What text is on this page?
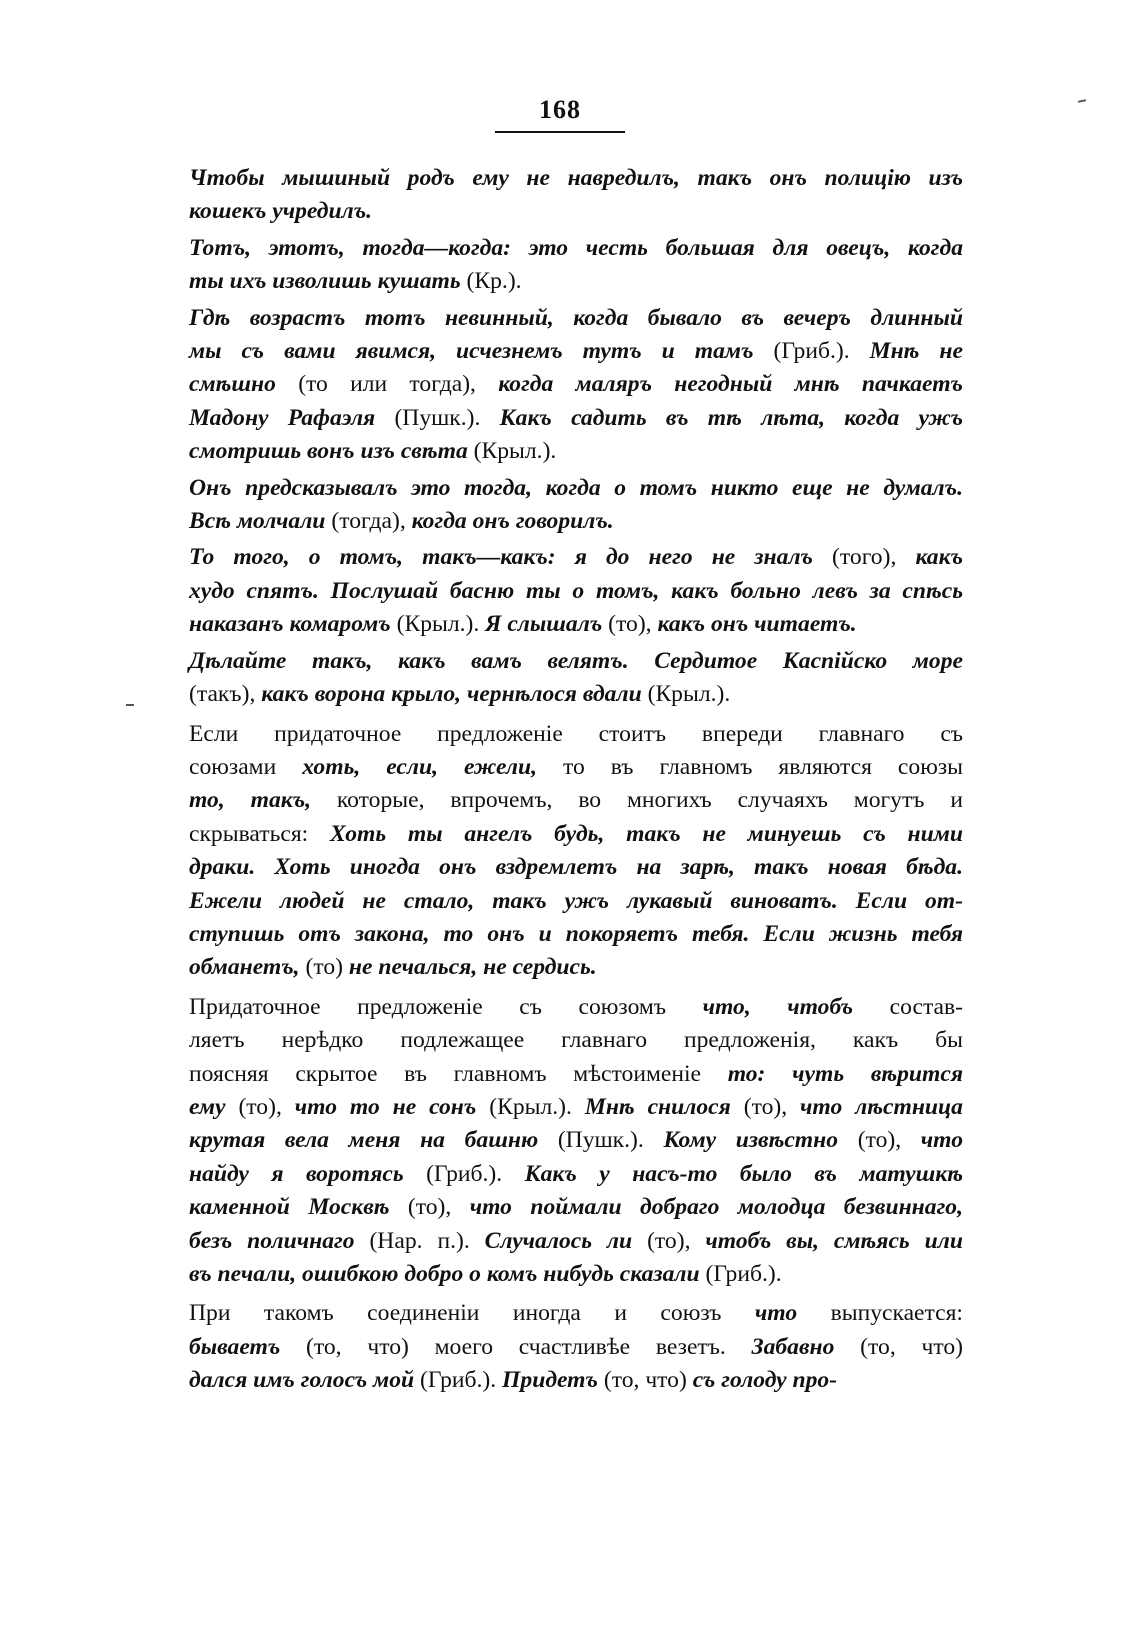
168

Чтобы мышиный родъ ему не навредилъ, такъ онъ полицію изъ
кошекъ учредилъ.

Тотъ, этотъ, тогда—когда: это честь большая для овецъ, когда
ты ихъ изволишь кушать (Кр.).

Гдѣ возрастъ тотъ невинный, когда бывало въ вечеръ длинный
мы съ вами явимся, исчезнемъ тутъ и тамъ (Гриб.). Мнѣ не
смѣшно (то или тогда), когда маляръ негодный мнѣ пачкаетъ
Мадону Рафаэля (Пушк.). Какъ садить въ тѣ лѣта, когда ужъ
смотришь вонъ изъ свѣта (Крыл.).

Онъ предсказывалъ это тогда, когда о томъ никто еще не думалъ.
Всѣ молчали (тогда), когда онъ говорилъ.

То того, о томъ, такъ—какъ: я до него не зналъ (того), какъ
худо спятъ. Послушай басню ты о томъ, какъ больно левъ за спѣсь
наказанъ комаромъ (Крыл.). Я слышалъ (то), какъ онъ читаетъ.

Дѣлайте такъ, какъ вамъ велятъ. Сердитое Каспійско море
(такъ), какъ ворона крыло, чернѣлося вдали (Крыл.).

Если придаточное предложеніе стоитъ впереди главнаго съ
союзами хоть, если, ежели, то въ главномъ являются союзы
то, такъ, которые, впрочемъ, во многихъ случаяхъ могутъ и
скрываться: Хоть ты ангелъ будь, такъ не минуешь съ ними
драки. Хоть иногда онъ вздремлетъ на зарѣ, такъ новая бѣда.
Ежели людей не стало, такъ ужъ лукавый виноватъ. Если от-
ступишь отъ закона, то онъ и покоряетъ тебя. Если жизнь тебя
обманетъ, (то) не печалься, не сердись.

Придаточное предложеніе съ союзомъ что, чтобъ состав-
ляетъ нерѣдко подлежащее главнаго предложенія, какъ бы
поясняя скрытое въ главномъ мѣстоименіе то: чуть вѣрится
ему (то), что то не сонъ (Крыл.). Мнѣ снилося (то), что лѣстница
крутая вела меня на башню (Пушк.). Кому извѣстно (то), что
найду я воротясь (Гриб.). Какъ у насъ-то было въ матушкѣ
каменной Москвѣ (то), что поймали добраго молодца безвиннаго,
безъ поличнаго (Нар. п.). Случалось ли (то), чтобъ вы, смѣясь или
въ печали, ошибкою добро о комъ нибудь сказали (Гриб.).

При такомъ соединеніи иногда и союзъ что выпускается:
бываетъ (то, что) моего счастливѣе везетъ. Забавно (то, что)
дался имъ голосъ мой (Гриб.). Придетъ (то, что) съ голоду про-
